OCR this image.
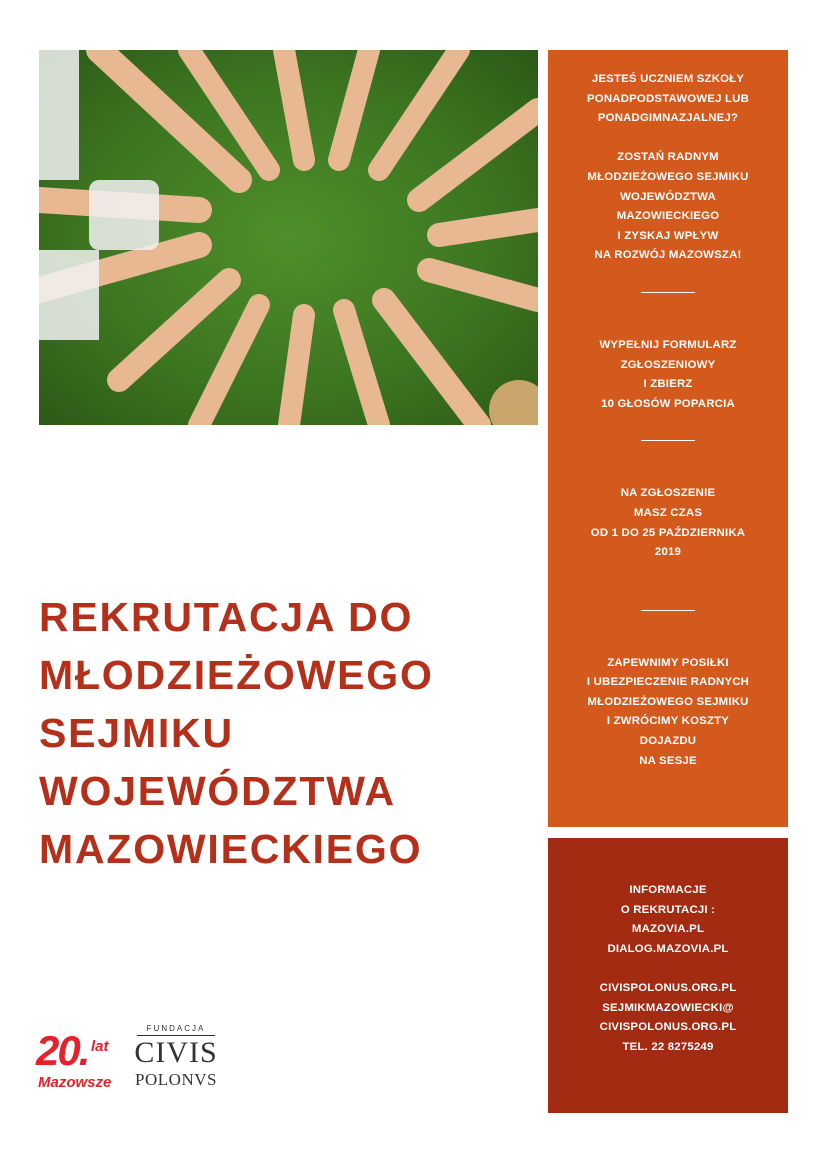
JESTEŚ UCZNIEM SZKOŁY
PONADPODSTAWOWEJ LUB
PONADGIMNAZJALNEJ?
ZOSTAŃ RADNYM
MŁODZIEŻOWEGO SEJMIKU
WOJEWÓDZTWA
MAZOWIECKIEGO
I ZYSKAJ WPŁYW
NA ROZWÓJ MAZOWSZA!
WYPEŁNIJ FORMULARZ
ZGŁOSZENIOWY
I ZBIERZ
10 GŁOSÓW POPARCIA
NA ZGŁOSZENIE
MASZ CZAS
OD 1 DO 25 PAŹDZIERNIKA
2019
ZAPEWNIMY POSIŁKI
I UBEZPIECZENIE RADNYCH
MŁODZIEŻOWEGO SEJMIKU
I ZWRÓCIMY KOSZTY
DOJAZDU
NA SESJE
INFORMACJE
O REKRUTACJI :
MAZOVIA.PL
DIALOG.MAZOVIA.PL
CIVISPOLONUS.ORG.PL
SEJMIKMAZOWIECKI@
CIVISPOLONUS.ORG.PL
TEL. 22 8275249
REKRUTACJA DO
MŁODZIEŻOWEGO
SEJMIKU
WOJEWÓDZTWA
MAZOWIECKIEGO
20. lat
Mazowsze
FUNDACJA
CIVIS
POLONVS
